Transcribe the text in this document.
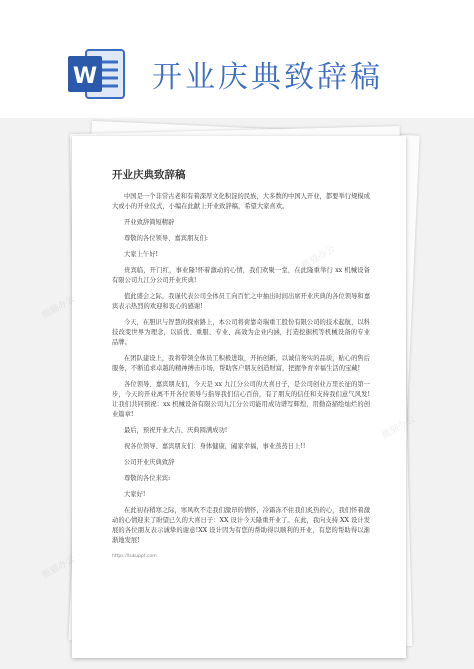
W 开业庆典致辞稿
开业庆典致辞稿

中国是一个非常古老和有着深厚文化积淀的民族，大多数的中国人开业，都要举行规模或大或小的开业仪式，小编在此献上开业致辞稿，希望大家喜欢。

开业致辞简短精辟

尊敬的各位领导、嘉宾朋友们:

大家上午好!

贵宾临，开门红，事业隆!怀着激动的心情，我们欢聚一堂，在此隆重举行 xx 机械设备有限公司九江分公司开业庆典!

值此盛会之际，我谨代表公司全体员工向百忙之中抽出时间出席开业庆典的各位领导和嘉宾表示热烈的欢迎和衷心的感谢!

今天，在胆识与智慧的探索路上，本公司将荷靠奇瑞重工股份有限公司的技术起航，以科技改变世界为理念，以质优、重服、专业、高效为企业内涵，打造挖掘机等机械设备的专业品牌。

在团队建设上，我将带领全体员工积极进取，开拓创新，以诚信务实的品质，贴心的售后服务，不断追求卓越的精神搏击市场，帮助客户朋友创造财富，把握争育幸福生活的宝藏!

各位领导、嘉宾朋友们，今天是 xx 九江分公司的大喜日子，是公司创业万里长征的第一步，今天的开业离不开各位领导与指导我们信心百倍，有了朋友的信任和支持我们意气风发!让我们共同预祝：xx 机械设备有限公司九江分公司能用成功谱写辉煌，用勤奋描绘灿烂的创业篇章!

最后，预祝开业大吉、庆典圆满成功!

祝各位领导、嘉宾朋友们：身体健康，阖家幸福，事业蒸蒸日上!!

公司开业庆典致辞

尊敬的各位来宾:

大家好!

在此初春稍寒之际，寒风吹不走我们激昂的情怀，冷霜冻不住我们炙热的心，我们怀着激动的心情迎来了盼望已久的大喜日子：XX 设计今天隆重开业了。在此，我向支持 XX 设计发展的各位朋友表示诚挚的谢意!XX 设计因为有您的帮助得以顺利的开业，有您的帮助得以渐渐地发展!

https://tukuppt.com
